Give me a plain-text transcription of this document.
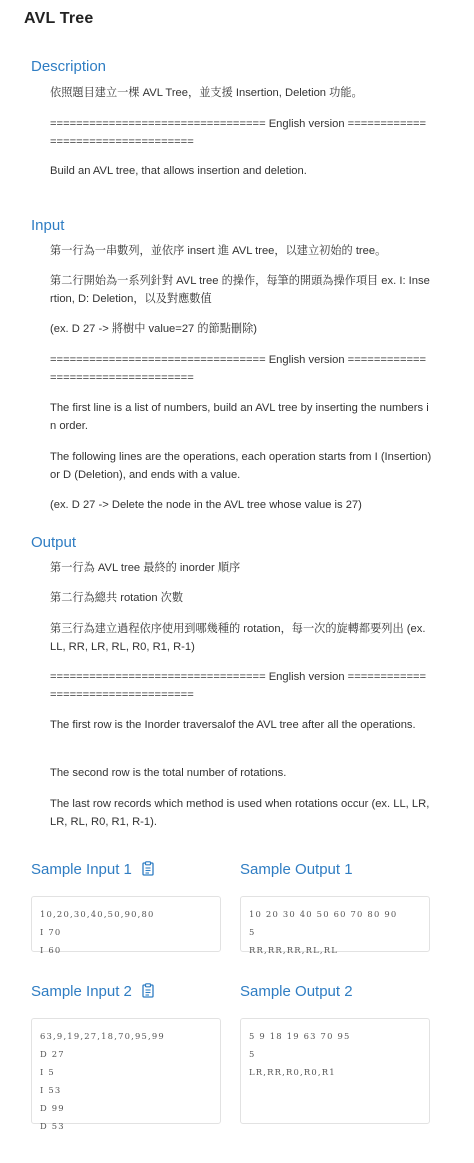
AVL Tree
Description
依照題目建立一棵 AVL Tree，並支援 Insertion, Deletion 功能。
================================= English version ==================================
Build an AVL tree, that allows insertion and deletion.
Input
第一行為一串數列，並依序 insert 進 AVL tree，以建立初始的 tree。
第二行開始為一系列針對 AVL tree 的操作，每筆的開頭為操作項目 ex. I: Insertion, D: Deletion，以及對應數值
(ex. D 27 -> 將樹中 value=27 的節點刪除)
================================= English version ==================================
The first line is a list of numbers, build an AVL tree by inserting the numbers in order.
The following lines are the operations, each operation starts from I (Insertion) or D (Deletion), and ends with a value.
(ex. D 27 -> Delete the node in the AVL tree whose value is 27)
Output
第一行為 AVL tree 最終的 inorder 順序
第二行為總共 rotation 次數
第三行為建立過程依序使用到哪幾種的 rotation，每一次的旋轉都要列出 (ex. LL, RR, LR, RL, R0, R1, R-1)
================================= English version ==================================
The first row is the Inorder traversalof the AVL tree after all the operations.
The second row is the total number of rotations.
The last row records which method is used when rotations occur (ex. LL, LR, LR, RL, R0, R1, R-1).
Sample Input 1	Sample Output 1
10,20,30,40,50,90,80
I 70
I 60
10 20 30 40 50 60 70 80 90
5
RR,RR,RR,RL,RL
Sample Input 2	Sample Output 2
63,9,19,27,18,70,95,99
D 27
I 5
I 53
D 99
D 53
5 9 18 19 63 70 95
5
LR,RR,R0,R0,R1
